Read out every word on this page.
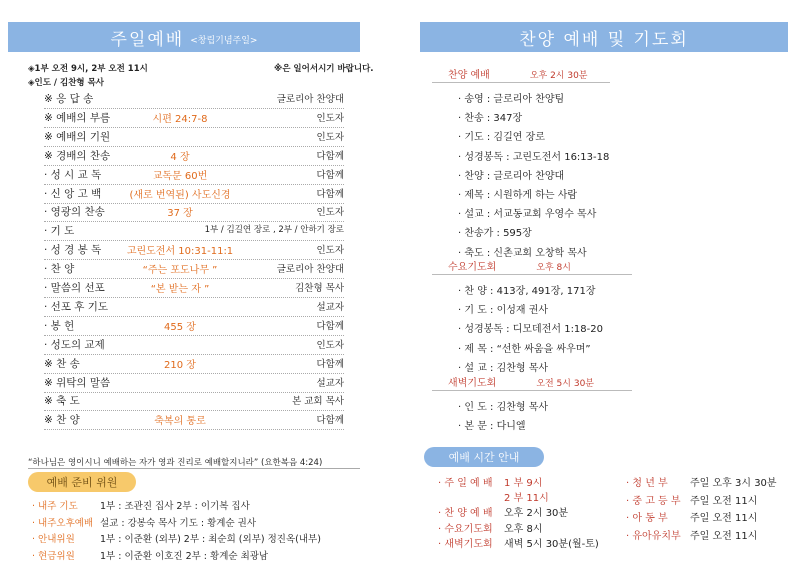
주일예배 <창립기념주일>
◈1부 오전 9시, 2부 오전 11시	※은 일어서시기 바랍니다.
◈인도 / 김찬형 목사
※ 응 답 송	글로리아 찬양대
※ 예배의 부름	시편 24:7-8	인도자
※ 예배의 기원	인도자
※ 경배의 찬송	4 장	다함께
· 성 시 교 독	교독문 60번	다함께
· 신 앙 고 백	(새로 번역된) 사도신경	다함께
· 영광의 찬송	37 장	인도자
· 기 도	1부 / 김길연 장로 , 2부 / 안하기 장로
· 성 경 봉 독	고린도전서 10:31-11:1	인도자
· 찬 양	“주는 포도나무 ”	글로리아 찬양대
· 말씀의 선포	“본 받는 자 ”	김찬형 목사
· 선포 후 기도	설교자
· 봉 헌	455 장	다함께
· 성도의 교제	인도자
※ 찬 송	210 장	다함께
※ 위탁의 말씀	설교자
※ 축 도	본 교회 목사
※ 찬 양	축복의 통로	다함께
“하나님은 영이시니 예배하는 자가 영과 진리로 예배할지니라” (요한복음 4:24)
예배 준비 위원
· 내주 기도 1부 : 조관진 집사 2부 : 이기복 집사
· 내주오후예배 설교 : 강봉숙 목사 기도 : 황계순 권사
· 안내위원	1부 : 이준환 (외부) 2부 : 최순희 (외부) 정진옥(내부)
· 현금위원	1부 : 이준환 이호진 2부 : 황계순 최광남
찬양 예배 및 기도회
찬양 예배	오후 2시 30분
· 송영 : 글로리아 찬양팀
· 찬송 : 347장
· 기도 : 김길연 장로
· 성경봉독 : 고린도전서 16:13-18
· 찬양 : 글로리아 찬양대
· 제목 : 시원하게 하는 사람
· 설교 : 서교동교회 우영수 목사
· 찬송가 : 595장
· 축도 : 신촌교회 오창학 목사
수요기도회	오후 8시
· 찬 양 : 413장, 491장, 171장
· 기 도 : 이성재 권사
· 성경봉독 : 디모데전서 1:18-20
· 제 목 : “선한 싸움을 싸우며”
· 설 교 : 김찬형 목사
새벽기도회	오전 5시 30분
· 인 도 : 김찬형 목사
· 본 문 : 다니엘
예배 시간 안내
· 주 일 예 배 1 부 9시
2 부 11시
· 찬 양 예 배 오후 2시 30분
· 수요기도회 오후 8시
· 새벽기도회 새벽 5시 30분(월-토)
· 청 년 부 주일 오후 3시 30분
· 중 고 등 부 주일 오전 11시
· 아 동 부 주일 오전 11시
· 유아유치부 주일 오전 11시
